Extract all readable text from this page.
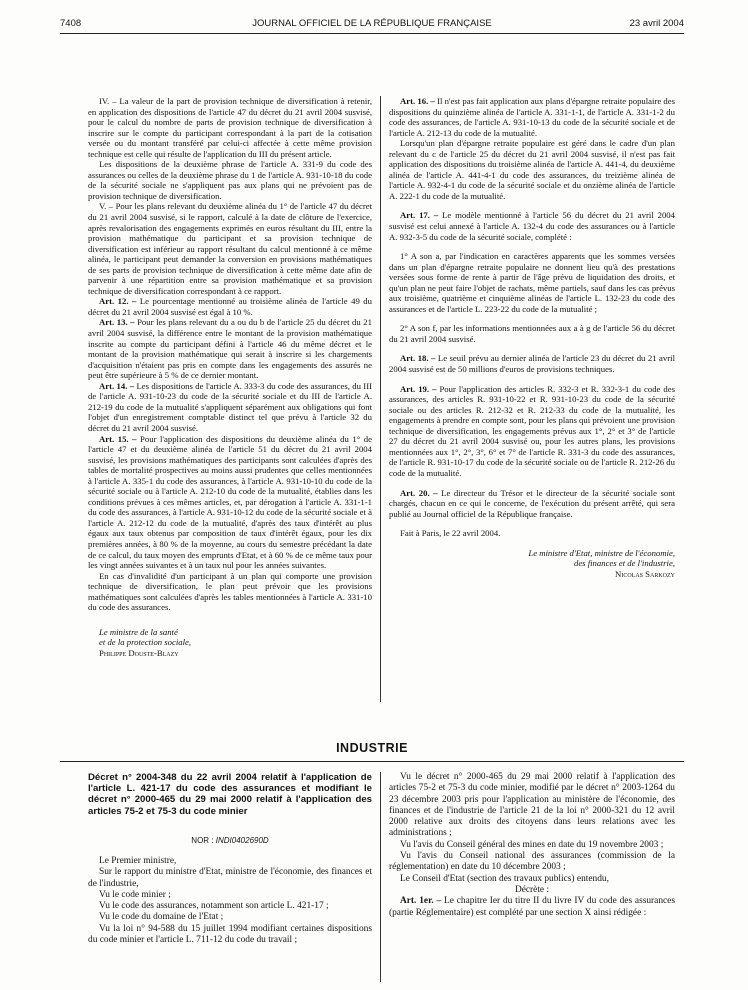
7408	JOURNAL OFFICIEL DE LA RÉPUBLIQUE FRANÇAISE	23 avril 2004

IV. – La valeur de la part de provision technique de diversification à retenir, en application des dispositions de l'article 47 du décret du 21 avril 2004 susvisé, pour le calcul du nombre de parts de provision technique de diversification à inscrire sur le compte du participant correspondant à la part de la cotisation versée ou du montant transféré par celui-ci affectée à cette même provision technique est celle qui résulte de l'application du III du présent article.

Les dispositions de la deuxième phrase de l'article A. 331-9 du code des assurances ou celles de la deuxième phrase du 1 de l'article A. 931-10-18 du code de la sécurité sociale ne s'appliquent pas aux plans qui ne prévoient pas de provision technique de diversification.

V. – Pour les plans relevant du deuxième alinéa du 1° de l'article 47 du décret du 21 avril 2004 susvisé, si le rapport, calculé à la date de clôture de l'exercice, après revalorisation des engagements exprimés en euros résultant du III, entre la provision mathématique du participant et sa provision technique de diversification est inférieur au rapport résultant du calcul mentionné à ce même alinéa, le participant peut demander la conversion en provisions mathématiques de ses parts de provision technique de diversification à cette même date afin de parvenir à une répartition entre sa provision mathématique et sa provision technique de diversification correspondant à ce rapport.

Art. 12. – Le pourcentage mentionné au troisième alinéa de l'article 49 du décret du 21 avril 2004 susvisé est égal à 10 %.

Art. 13. – Pour les plans relevant du a ou du b de l'article 25 du décret du 21 avril 2004 susvisé, la différence entre le montant de la provision mathématique inscrite au compte du participant défini à l'article 46 du même décret et le montant de la provision mathématique qui serait à inscrire si les chargements d'acquisition n'étaient pas pris en compte dans les engagements des assurés ne peut être supérieure à 5 % de ce dernier montant.

Art. 14. – Les dispositions de l'article A. 333-3 du code des assurances, du III de l'article A. 931-10-23 du code de la sécurité sociale et du III de l'article A. 212-19 du code de la mutualité s'appliquent séparément aux obligations qui font l'objet d'un enregistrement comptable distinct tel que prévu à l'article 32 du décret du 21 avril 2004 susvisé.

Art. 15. – Pour l'application des dispositions du deuxième alinéa du 1° de l'article 47 et du deuxième alinéa de l'article 51 du décret du 21 avril 2004 susvisé, les provisions mathématiques des participants sont calculées d'après des tables de mortalité prospectives au moins aussi prudentes que celles mentionnées à l'article A. 335-1 du code des assurances, à l'article A. 931-10-10 du code de la sécurité sociale ou à l'article A. 212-10 du code de la mutualité, établies dans les conditions prévues à ces mêmes articles, et, par dérogation à l'article A. 331-1-1 du code des assurances, à l'article A. 931-10-12 du code de la sécurité sociale et à l'article A. 212-12 du code de la mutualité, d'après des taux d'intérêt au plus égaux aux taux obtenus par composition de taux d'intérêt égaux, pour les dix premières années, à 80 % de la moyenne, au cours du semestre précédant la date de ce calcul, du taux moyen des emprunts d'Etat, et à 60 % de ce même taux pour les vingt années suivantes et à un taux nul pour les années suivantes.

En cas d'invalidité d'un participant à un plan qui comporte une provision technique de diversification, le plan peut prévoir que les provisions mathématiques sont calculées d'après les tables mentionnées à l'article A. 331-10 du code des assurances.

Le ministre de la santé

et de la protection sociale,

Philippe Douste-Blazy

Art. 16. – Il n'est pas fait application aux plans d'épargne retraite populaire des dispositions du quinzième alinéa de l'article A. 331-1-1, de l'article A. 331-1-2 du code des assurances, de l'article A. 931-10-13 du code de la sécurité sociale et de l'article A. 212-13 du code de la mutualité.

Lorsqu'un plan d'épargne retraite populaire est géré dans le cadre d'un plan relevant du c de l'article 25 du décret du 21 avril 2004 susvisé, il n'est pas fait application des dispositions du troisième alinéa de l'article A. 441-4, du deuxième alinéa de l'article A. 441-4-1 du code des assurances, du treizième alinéa de l'article A. 932-4-1 du code de la sécurité sociale et du onzième alinéa de l'article A. 222-1 du code de la mutualité.

Art. 17. – Le modèle mentionné à l'article 56 du décret du 21 avril 2004 susvisé est celui annexé à l'article A. 132-4 du code des assurances ou à l'article A. 932-3-5 du code de la sécurité sociale, complété :

1° A son a, par l'indication en caractères apparents que les sommes versées dans un plan d'épargne retraite populaire ne donnent lieu qu'à des prestations versées sous forme de rente à partir de l'âge prévu de liquidation des droits, et qu'un plan ne peut faire l'objet de rachats, même partiels, sauf dans les cas prévus aux troisième, quatrième et cinquième alinéas de l'article L. 132-23 du code des assurances et de l'article L. 223-22 du code de la mutualité ;

2° A son f, par les informations mentionnées aux a à g de l'article 56 du décret du 21 avril 2004 susvisé.

Art. 18. – Le seuil prévu au dernier alinéa de l'article 23 du décret du 21 avril 2004 susvisé est de 50 millions d'euros de provisions techniques.

Art. 19. – Pour l'application des articles R. 332-3 et R. 332-3-1 du code des assurances, des articles R. 931-10-22 et R. 931-10-23 du code de la sécurité sociale ou des articles R. 212-32 et R. 212-33 du code de la mutualité, les engagements à prendre en compte sont, pour les plans qui prévoient une provision technique de diversification, les engagements prévus aux 1°, 2° et 3° de l'article 27 du décret du 21 avril 2004 susvisé ou, pour les autres plans, les provisions mentionnées aux 1°, 2°, 3°, 6° et 7° de l'article R. 331-3 du code des assurances, de l'article R. 931-10-17 du code de la sécurité sociale ou de l'article R. 212-26 du code de la mutualité.

Art. 20. – Le directeur du Trésor et le directeur de la sécurité sociale sont chargés, chacun en ce qui le concerne, de l'exécution du présent arrêté, qui sera publié au Journal officiel de la République française.

Fait à Paris, le 22 avril 2004.

Le ministre d'Etat, ministre de l'économie,

des finances et de l'industrie,

Nicolas Sarkozy

INDUSTRIE
Décret n° 2004-348 du 22 avril 2004 relatif à l'application de l'article L. 421-17 du code des assurances et modifiant le décret n° 2000-465 du 29 mai 2000 relatif à l'application des articles 75-2 et 75-3 du code minier
NOR : INDI0402690D

Le Premier ministre,

Sur le rapport du ministre d'Etat, ministre de l'économie, des finances et de l'industrie,

Vu le code minier ;

Vu le code des assurances, notamment son article L. 421-17 ;

Vu le code du domaine de l'Etat ;

Vu la loi n° 94-588 du 15 juillet 1994 modifiant certaines dispositions du code minier et l'article L. 711-12 du code du travail ;

Vu le décret n° 2000-465 du 29 mai 2000 relatif à l'application des articles 75-2 et 75-3 du code minier, modifié par le décret n° 2003-1264 du 23 décembre 2003 pris pour l'application au ministère de l'économie, des finances et de l'industrie de l'article 21 de la loi n° 2000-321 du 12 avril 2000 relative aux droits des citoyens dans leurs relations avec les administrations ;

Vu l'avis du Conseil général des mines en date du 19 novembre 2003 ;

Vu l'avis du Conseil national des assurances (commission de la réglementation) en date du 10 décembre 2003 ;

Le Conseil d'Etat (section des travaux publics) entendu,

Décrète :

Art. 1er. – Le chapitre Ier du titre II du livre IV du code des assurances (partie Réglementaire) est complété par une section X ainsi rédigée :
